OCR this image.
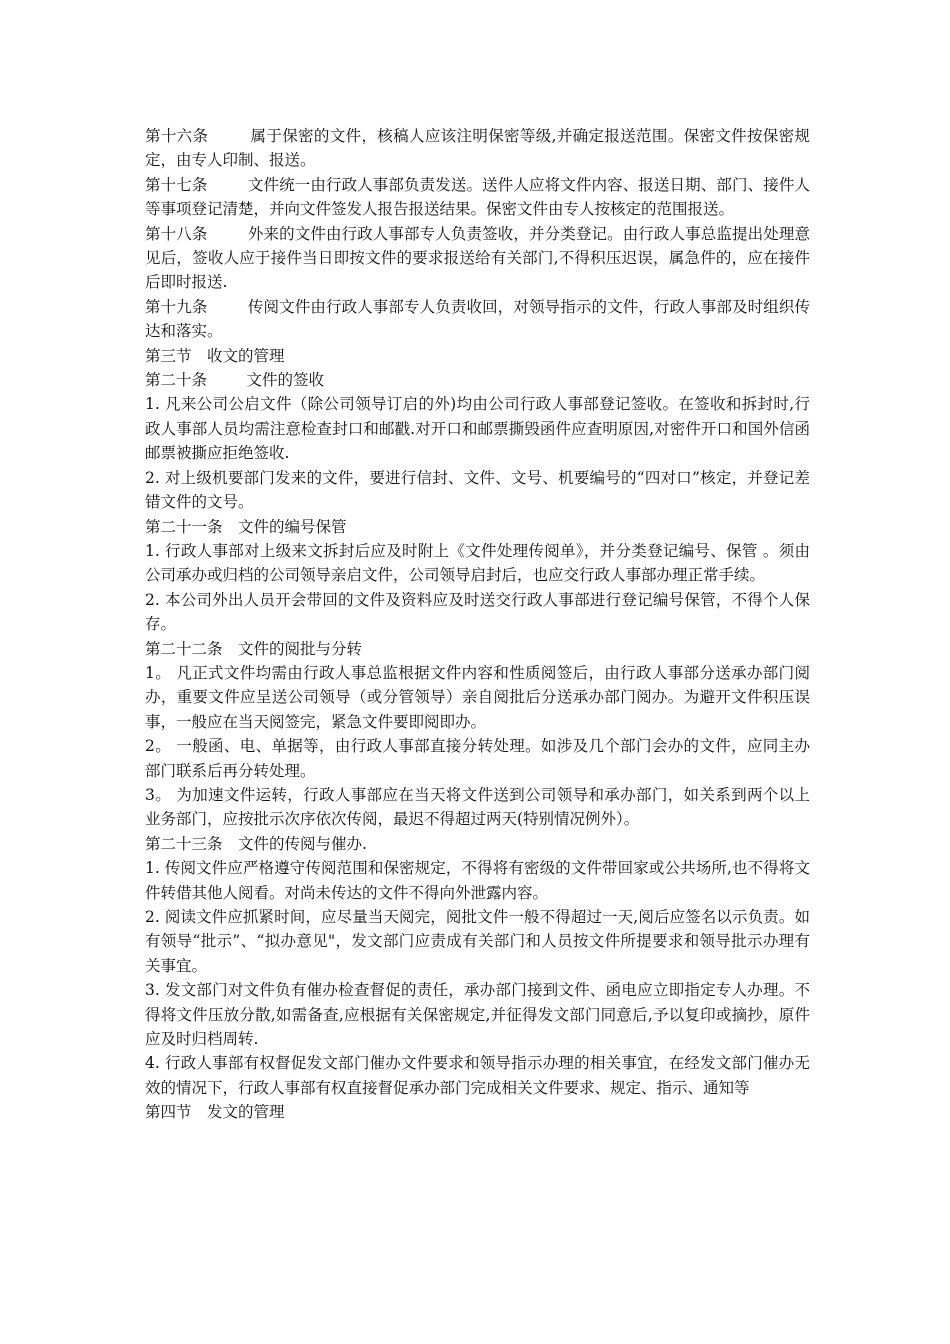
第十六条	属于保密的文件，核稿人应该注明保密等级,并确定报送范围。保密文件按保密规定，由专人印制、报送。

第十七条	文件统一由行政人事部负责发送。送件人应将文件内容、报送日期、部门、接件人等事项登记清楚，并向文件签发人报告报送结果。保密文件由专人按核定的范围报送。

第十八条	外来的文件由行政人事部专人负责签收，并分类登记。由行政人事总监提出处理意见后，签收人应于接件当日即按文件的要求报送给有关部门,不得积压迟误，属急件的，应在接件后即时报送.

第十九条	传阅文件由行政人事部专人负责收回，对领导指示的文件，行政人事部及时组织传达和落实。

第三节　收文的管理

第二十条	文件的签收

1. 凡来公司公启文件（除公司领导订启的外)均由公司行政人事部登记签收。在签收和拆封时,行政人事部人员均需注意检查封口和邮戳.对开口和邮票撕毁函件应查明原因,对密件开口和国外信函邮票被撕应拒绝签收.

2. 对上级机要部门发来的文件，要进行信封、文件、文号、机要编号的“四对口”核定，并登记差错文件的文号。

第二十一条　文件的编号保管

1. 行政人事部对上级来文拆封后应及时附上《文件处理传阅单》，并分类登记编号、保管 。须由公司承办或归档的公司领导亲启文件，公司领导启封后，也应交行政人事部办理正常手续。

2. 本公司外出人员开会带回的文件及资料应及时送交行政人事部进行登记编号保管，不得个人保存。

第二十二条　文件的阅批与分转

1。 凡正式文件均需由行政人事总监根据文件内容和性质阅签后，由行政人事部分送承办部门阅办，重要文件应呈送公司领导（或分管领导）亲自阅批后分送承办部门阅办。为避开文件积压误事，一般应在当天阅签完，紧急文件要即阅即办。

2。 一般函、电、单据等，由行政人事部直接分转处理。如涉及几个部门会办的文件，应同主办部门联系后再分转处理。

3。 为加速文件运转，行政人事部应在当天将文件送到公司领导和承办部门，如关系到两个以上业务部门，应按批示次序依次传阅，最迟不得超过两天(特别情况例外）。

第二十三条　文件的传阅与催办.

1. 传阅文件应严格遵守传阅范围和保密规定，不得将有密级的文件带回家或公共场所,也不得将文件转借其他人阅看。对尚未传达的文件不得向外泄露内容。

2. 阅读文件应抓紧时间，应尽量当天阅完，阅批文件一般不得超过一天,阅后应签名以示负责。如有领导“批示”、“拟办意见"，发文部门应责成有关部门和人员按文件所提要求和领导批示办理有关事宜。

3. 发文部门对文件负有催办检查督促的责任，承办部门接到文件、函电应立即指定专人办理。不得将文件压放分散,如需备查,应根据有关保密规定,并征得发文部门同意后,予以复印或摘抄，原件应及时归档周转.

4. 行政人事部有权督促发文部门催办文件要求和领导指示办理的相关事宜，在经发文部门催办无效的情况下，行政人事部有权直接督促承办部门完成相关文件要求、规定、指示、通知等

第四节　发文的管理
